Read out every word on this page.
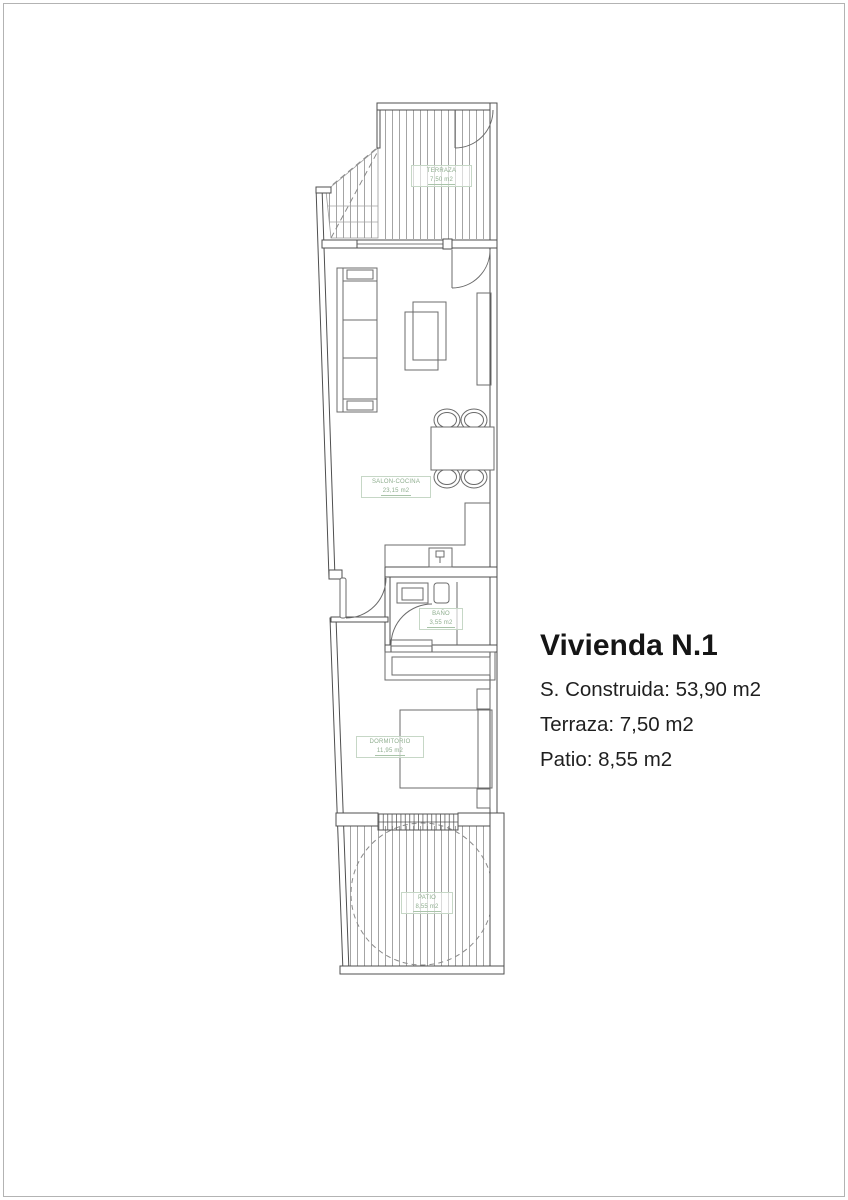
TERRAZA
7,50 m2
SALON-COCINA
23,15 m2
BAÑO
3,55 m2
DORMITORIO
11,95 m2
PATIO
8,55 m2
Vivienda N.1
S. Construida: 53,90 m2
Terraza: 7,50 m2
Patio: 8,55 m2
